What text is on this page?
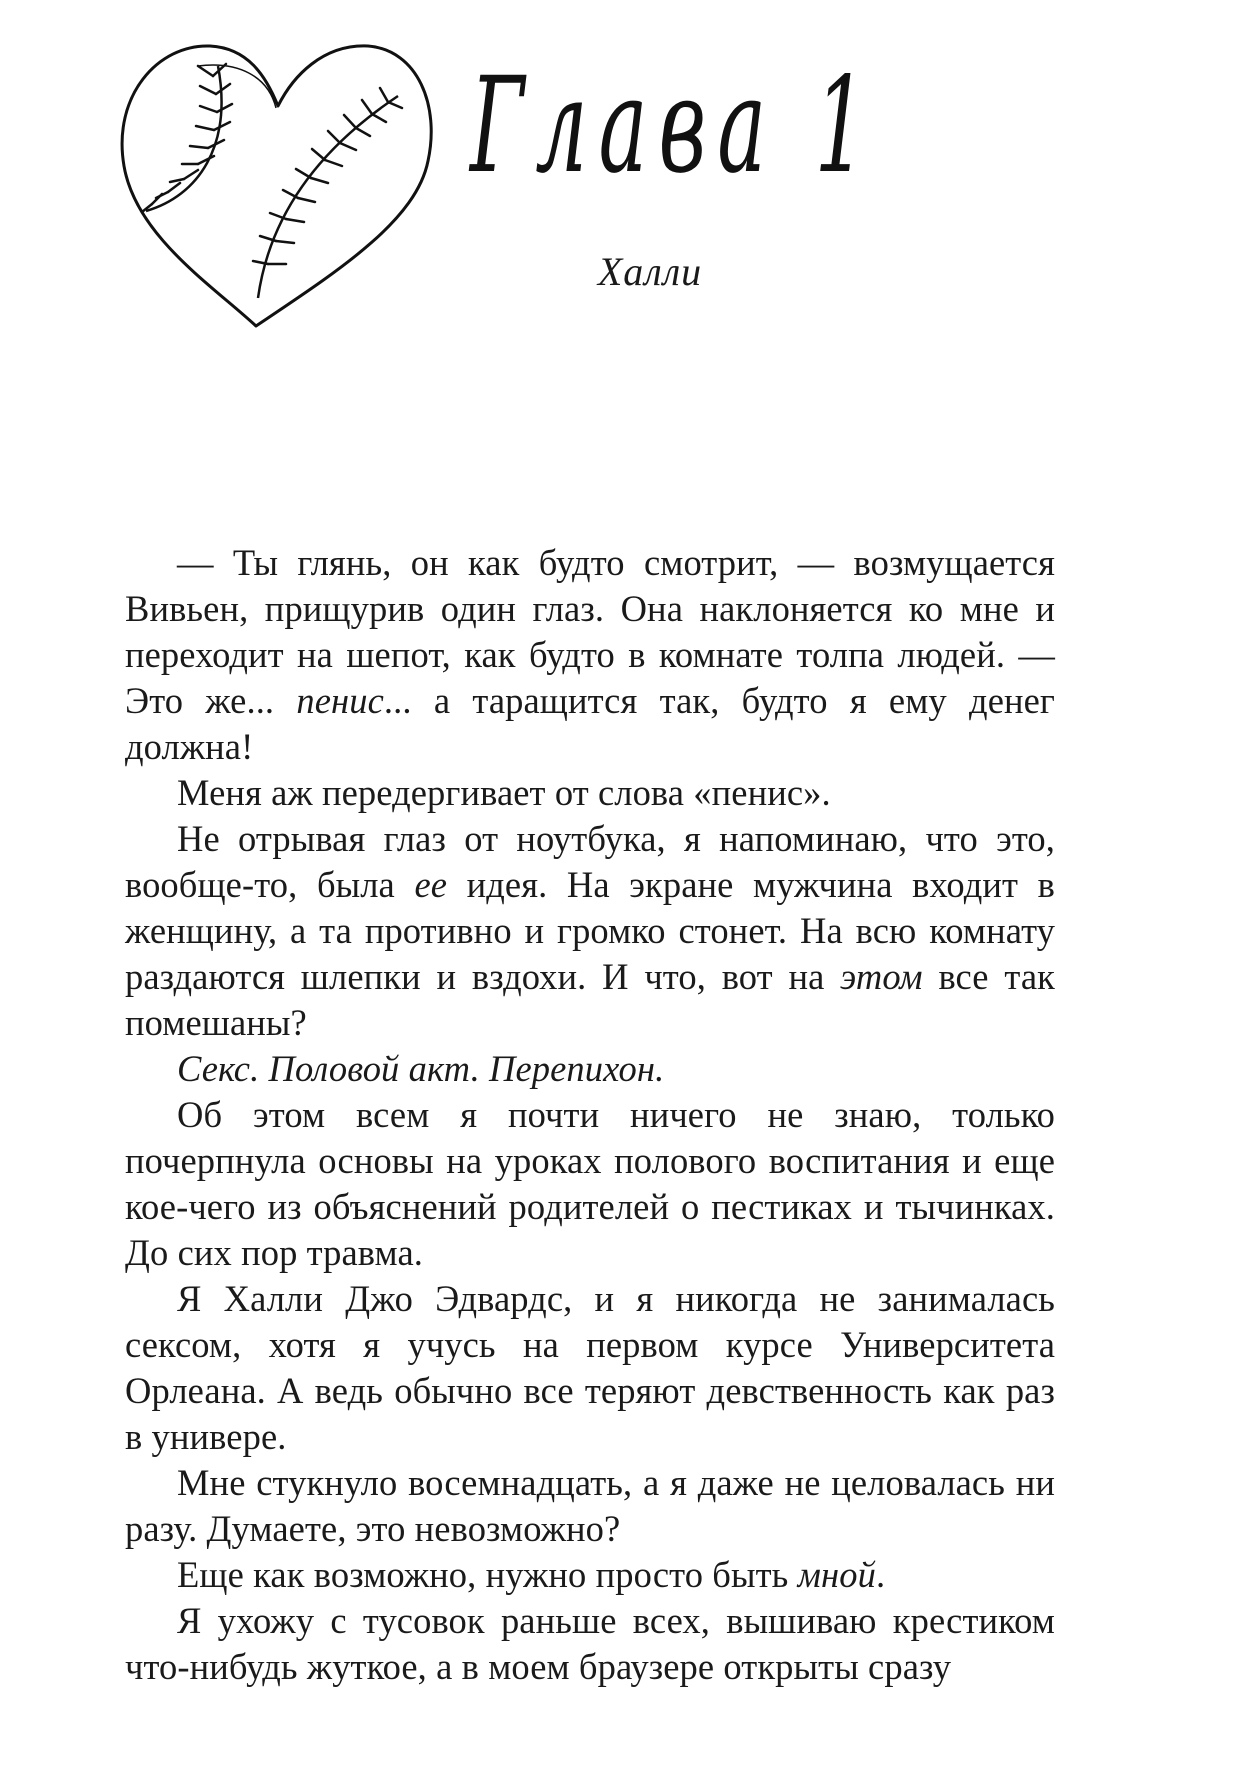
Глава 1
Халли

— Ты глянь, он как будто смотрит, — возмущается Вивьен, прищурив один глаз. Она наклоняется ко мне и переходит на шепот, как будто в комнате толпа людей. — Это же... пенис... а таращится так, будто я ему денег должна!

Меня аж передергивает от слова «пенис».

Не отрывая глаз от ноутбука, я напоминаю, что это, вообще-то, была ее идея. На экране мужчина входит в женщину, а та противно и громко стонет. На всю комнату раздаются шлепки и вздохи. И что, вот на этом все так помешаны?

Секс. Половой акт. Перепихон.

Об этом всем я почти ничего не знаю, только почерпнула основы на уроках полового воспитания и еще кое-чего из объяснений родителей о пестиках и тычинках. До сих пор травма.

Я Халли Джо Эдвардс, и я никогда не занималась сексом, хотя я учусь на первом курсе Университета Орлеана. А ведь обычно все теряют девственность как раз в универе.

Мне стукнуло восемнадцать, а я даже не целовалась ни разу. Думаете, это невозможно?

Еще как возможно, нужно просто быть мной.

Я ухожу с тусовок раньше всех, вышиваю крестиком что-нибудь жуткое, а в моем браузере открыты сразу
